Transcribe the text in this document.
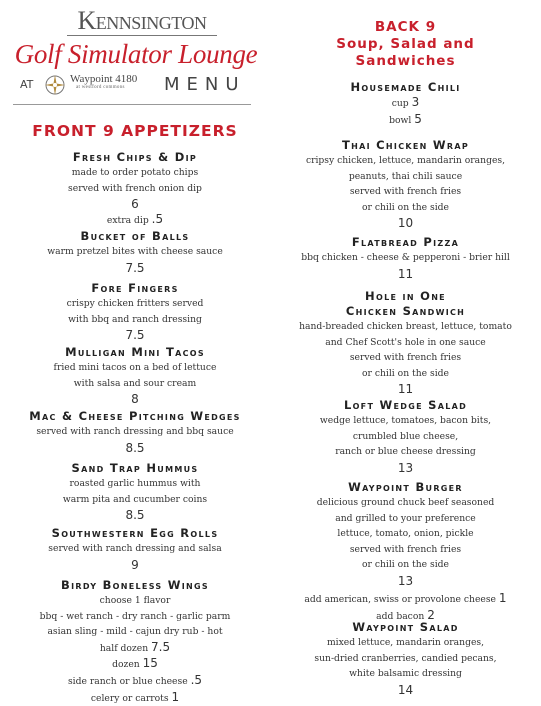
Kennsington
Golf Simulator Lounge
AT	Waypoint 4180
at westford commons MENU
FRONT 9 APPETIZERS
Fresh Chips & Dip
made to order potato chips
served with french onion dip
6
extra dip .5
Bucket of Balls
warm pretzel bites with cheese sauce
7.5
Fore Fingers
crispy chicken fritters served
with bbq and ranch dressing
7.5
Mulligan Mini Tacos
fried mini tacos on a bed of lettuce
with salsa and sour cream
8
Mac & Cheese Pitching Wedges
served with ranch dressing and bbq sauce
8.5
Sand Trap Hummus
roasted garlic hummus with
warm pita and cucumber coins
8.5
Southwestern Egg Rolls
served with ranch dressing and salsa
9
Birdy Boneless Wings
choose 1 flavor
bbq - wet ranch - dry ranch - garlic parm
asian sling - mild - cajun dry rub - hot
half dozen 7.5
dozen 15
side ranch or blue cheese .5
celery or carrots 1
BACK 9
Soup, Salad and
Sandwiches
Housemade Chili
cup 3
bowl 5
Thai Chicken Wrap
cripsy chicken, lettuce, mandarin oranges,
peanuts, thai chili sauce
served with french fries
or chili on the side
10
Flatbread Pizza
bbq chicken - cheese & pepperoni - brier hill
11
Hole in One
Chicken Sandwich
hand-breaded chicken breast, lettuce, tomato
and Chef Scott's hole in one sauce
served with french fries
or chili on the side
11
Loft Wedge Salad
wedge lettuce, tomatoes, bacon bits,
crumbled blue cheese,
ranch or blue cheese dressing
13
Waypoint Burger
delicious ground chuck beef seasoned
and grilled to your preference
lettuce, tomato, onion, pickle
served with french fries
or chili on the side
13
add american, swiss or provolone cheese 1
add bacon 2
Waypoint Salad
mixed lettuce, mandarin oranges,
sun-dried cranberries, candied pecans,
white balsamic dressing
14
